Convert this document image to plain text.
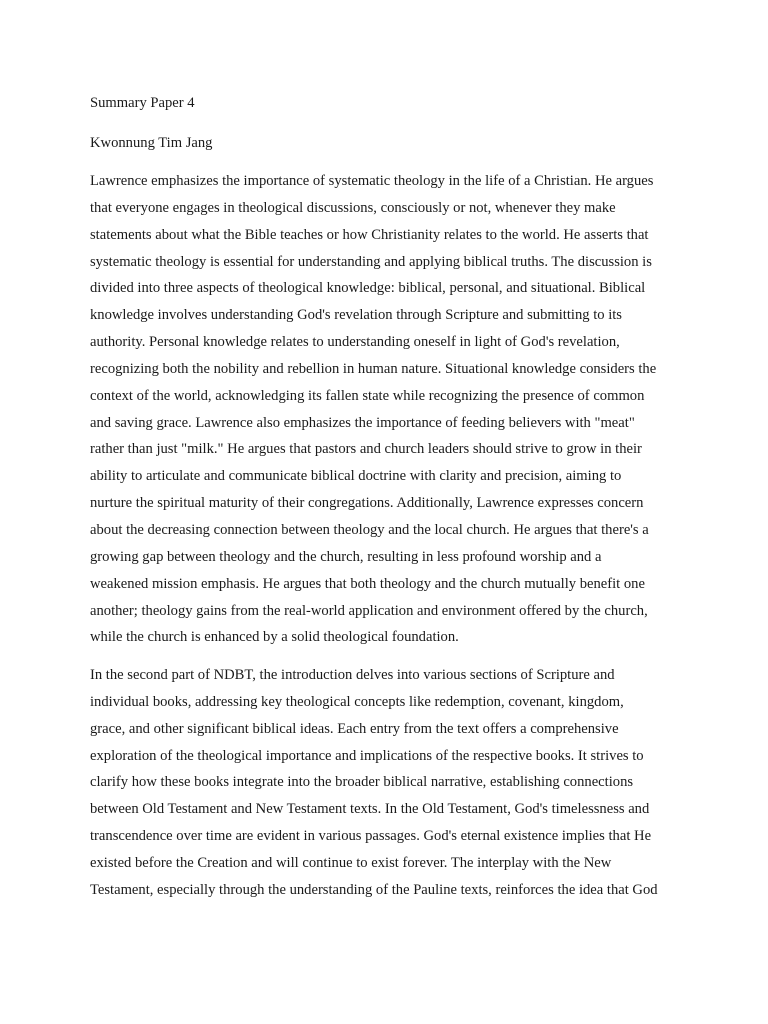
Summary Paper 4

Kwonnung Tim Jang

Lawrence emphasizes the importance of systematic theology in the life of a Christian. He argues
that everyone engages in theological discussions, consciously or not, whenever they make
statements about what the Bible teaches or how Christianity relates to the world. He asserts that
systematic theology is essential for understanding and applying biblical truths. The discussion is
divided into three aspects of theological knowledge: biblical, personal, and situational. Biblical
knowledge involves understanding God's revelation through Scripture and submitting to its
authority. Personal knowledge relates to understanding oneself in light of God's revelation,
recognizing both the nobility and rebellion in human nature. Situational knowledge considers the
context of the world, acknowledging its fallen state while recognizing the presence of common
and saving grace. Lawrence also emphasizes the importance of feeding believers with "meat"
rather than just "milk." He argues that pastors and church leaders should strive to grow in their
ability to articulate and communicate biblical doctrine with clarity and precision, aiming to
nurture the spiritual maturity of their congregations. Additionally, Lawrence expresses concern
about the decreasing connection between theology and the local church. He argues that there's a
growing gap between theology and the church, resulting in less profound worship and a
weakened mission emphasis. He argues that both theology and the church mutually benefit one
another; theology gains from the real-world application and environment offered by the church,
while the church is enhanced by a solid theological foundation.

In the second part of NDBT, the introduction delves into various sections of Scripture and
individual books, addressing key theological concepts like redemption, covenant, kingdom,
grace, and other significant biblical ideas. Each entry from the text offers a comprehensive
exploration of the theological importance and implications of the respective books. It strives to
clarify how these books integrate into the broader biblical narrative, establishing connections
between Old Testament and New Testament texts. In the Old Testament, God's timelessness and
transcendence over time are evident in various passages. God's eternal existence implies that He
existed before the Creation and will continue to exist forever. The interplay with the New
Testament, especially through the understanding of the Pauline texts, reinforces the idea that God
